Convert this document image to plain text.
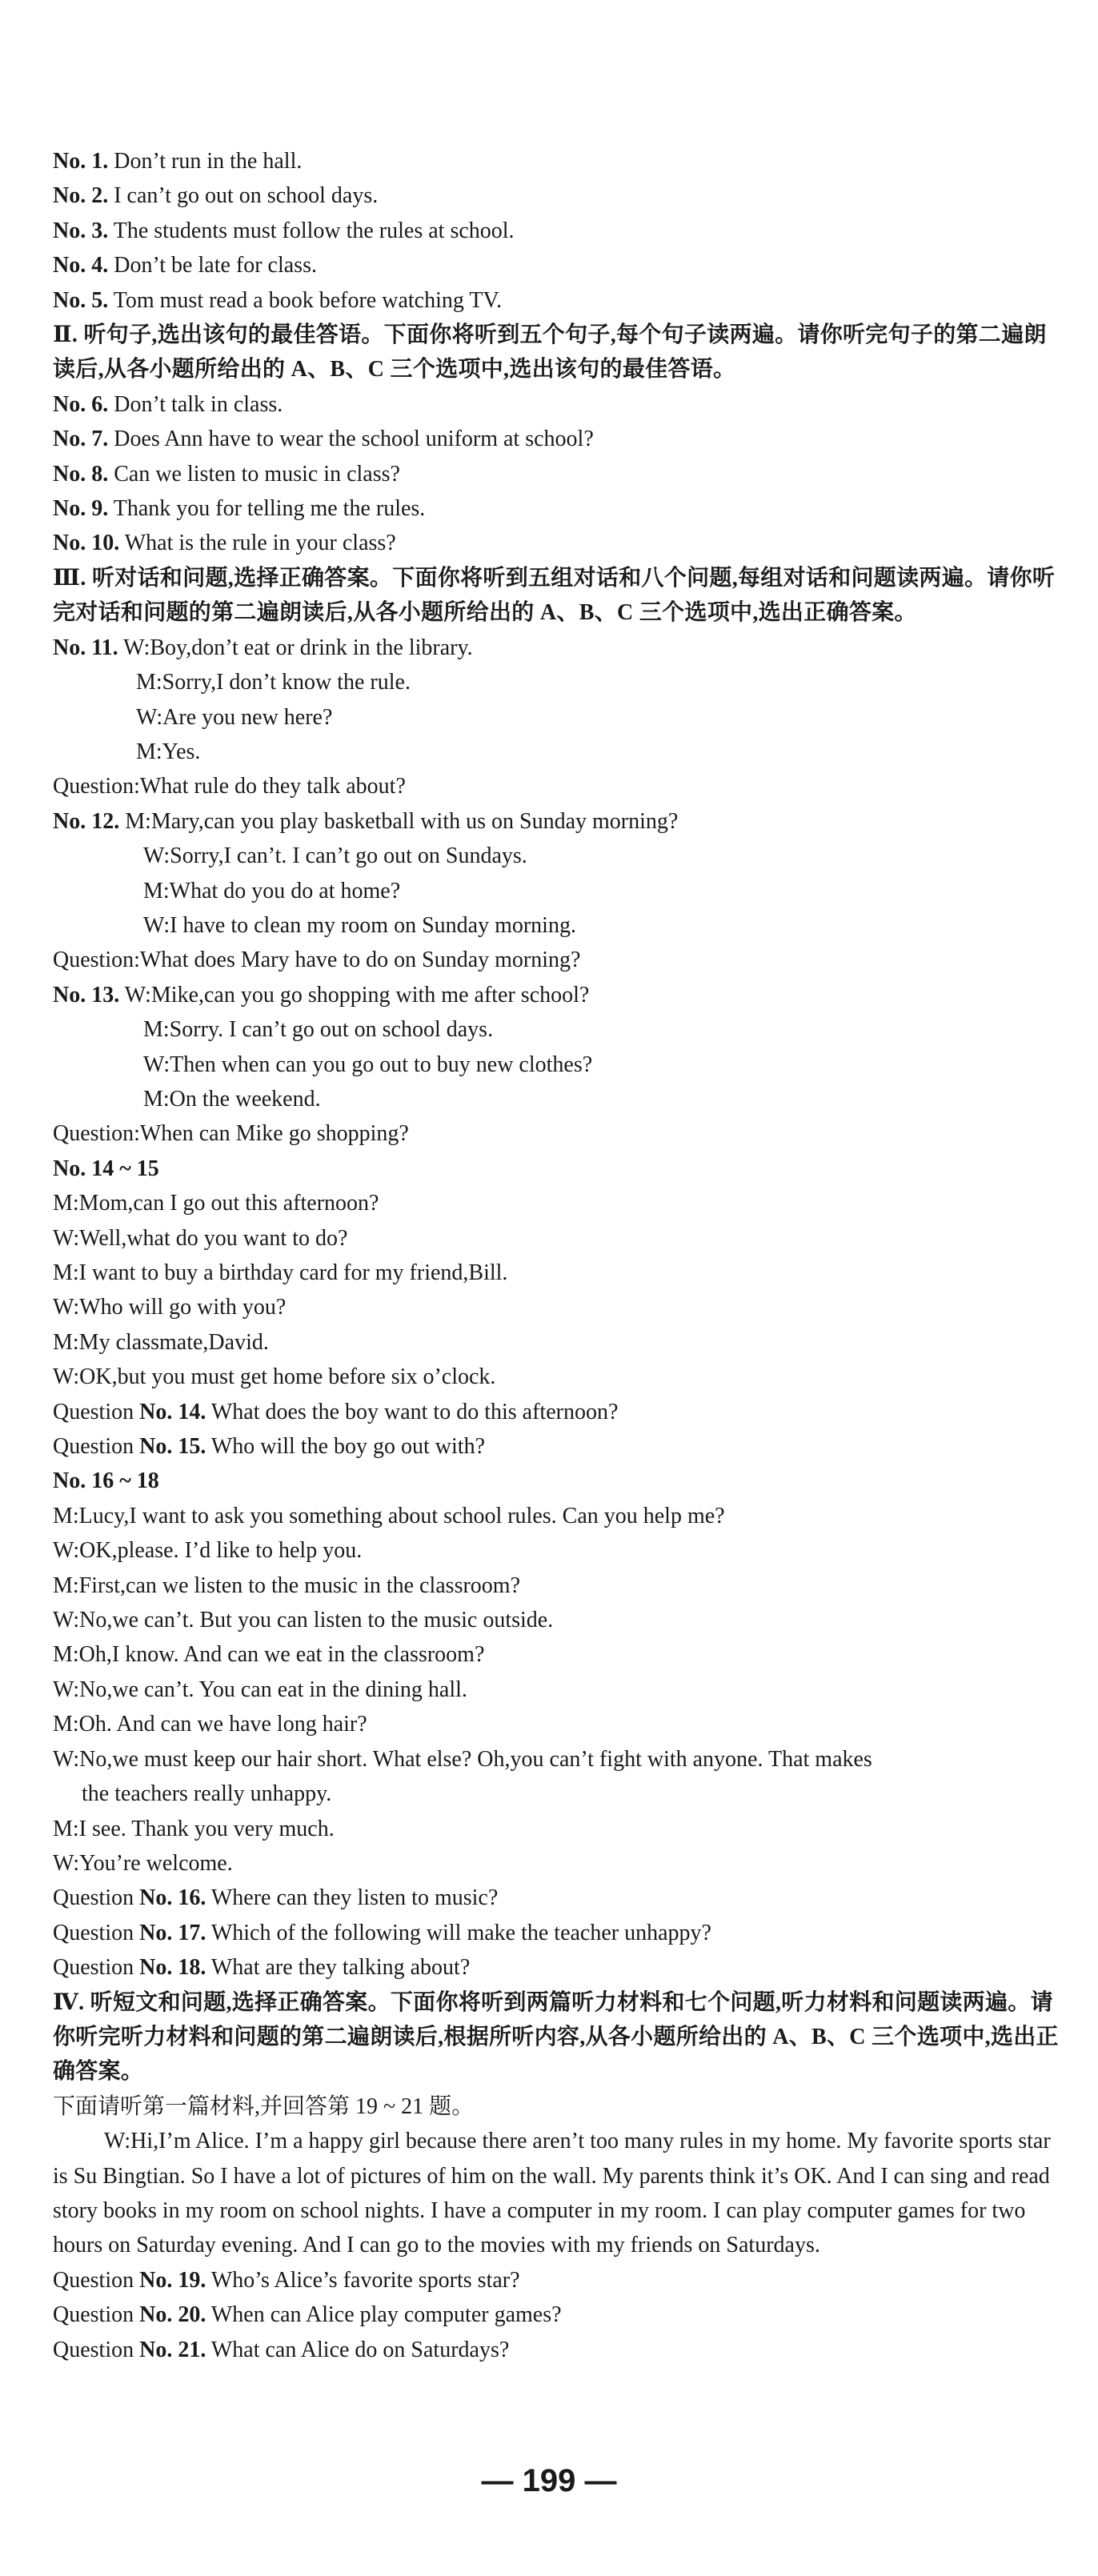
No. 1. Don’t run in the hall.
No. 2. I can’t go out on school days.
No. 3. The students must follow the rules at school.
No. 4. Don’t be late for class.
No. 5. Tom must read a book before watching TV.
Ⅱ. 听句子,选出该句的最佳答语。下面你将听到五个句子,每个句子读两遍。请你听完句子的第二遍朗读后,从各小题所给出的 A、B、C 三个选项中,选出该句的最佳答语。
No. 6. Don’t talk in class.
No. 7. Does Ann have to wear the school uniform at school?
No. 8. Can we listen to music in class?
No. 9. Thank you for telling me the rules.
No. 10. What is the rule in your class?
Ⅲ. 听对话和问题,选择正确答案。下面你将听到五组对话和八个问题,每组对话和问题读两遍。请你听完对话和问题的第二遍朗读后,从各小题所给出的 A、B、C 三个选项中,选出正确答案。
No. 11. W:Boy,don’t eat or drink in the library.
M:Sorry,I don’t know the rule.
W:Are you new here?
M:Yes.
Question:What rule do they talk about?
No. 12. M:Mary,can you play basketball with us on Sunday morning?
W:Sorry,I can’t. I can’t go out on Sundays.
M:What do you do at home?
W:I have to clean my room on Sunday morning.
Question:What does Mary have to do on Sunday morning?
No. 13. W:Mike,can you go shopping with me after school?
M:Sorry. I can’t go out on school days.
W:Then when can you go out to buy new clothes?
M:On the weekend.
Question:When can Mike go shopping?
No. 14 ~ 15
M:Mom,can I go out this afternoon?
W:Well,what do you want to do?
M:I want to buy a birthday card for my friend,Bill.
W:Who will go with you?
M:My classmate,David.
W:OK,but you must get home before six o’clock.
Question No. 14. What does the boy want to do this afternoon?
Question No. 15. Who will the boy go out with?
No. 16 ~ 18
M:Lucy,I want to ask you something about school rules. Can you help me?
W:OK,please. I’d like to help you.
M:First,can we listen to the music in the classroom?
W:No,we can’t. But you can listen to the music outside.
M:Oh,I know. And can we eat in the classroom?
W:No,we can’t. You can eat in the dining hall.
M:Oh. And can we have long hair?
W:No,we must keep our hair short. What else? Oh,you can’t fight with anyone. That makes
the teachers really unhappy.
M:I see. Thank you very much.
W:You’re welcome.
Question No. 16. Where can they listen to music?
Question No. 17. Which of the following will make the teacher unhappy?
Question No. 18. What are they talking about?
Ⅳ. 听短文和问题,选择正确答案。下面你将听到两篇听力材料和七个问题,听力材料和问题读两遍。请你听完听力材料和问题的第二遍朗读后,根据所听内容,从各小题所给出的 A、B、C 三个选项中,选出正确答案。
下面请听第一篇材料,并回答第 19 ~ 21 题。
W:Hi,I’m Alice. I’m a happy girl because there aren’t too many rules in my home. My favorite sports star is Su Bingtian. So I have a lot of pictures of him on the wall. My parents think it’s OK. And I can sing and read story books in my room on school nights. I have a computer in my room. I can play computer games for two hours on Saturday evening. And I can go to the movies with my friends on Saturdays.
Question No. 19. Who’s Alice’s favorite sports star?
Question No. 20. When can Alice play computer games?
Question No. 21. What can Alice do on Saturdays?
— 199 —
